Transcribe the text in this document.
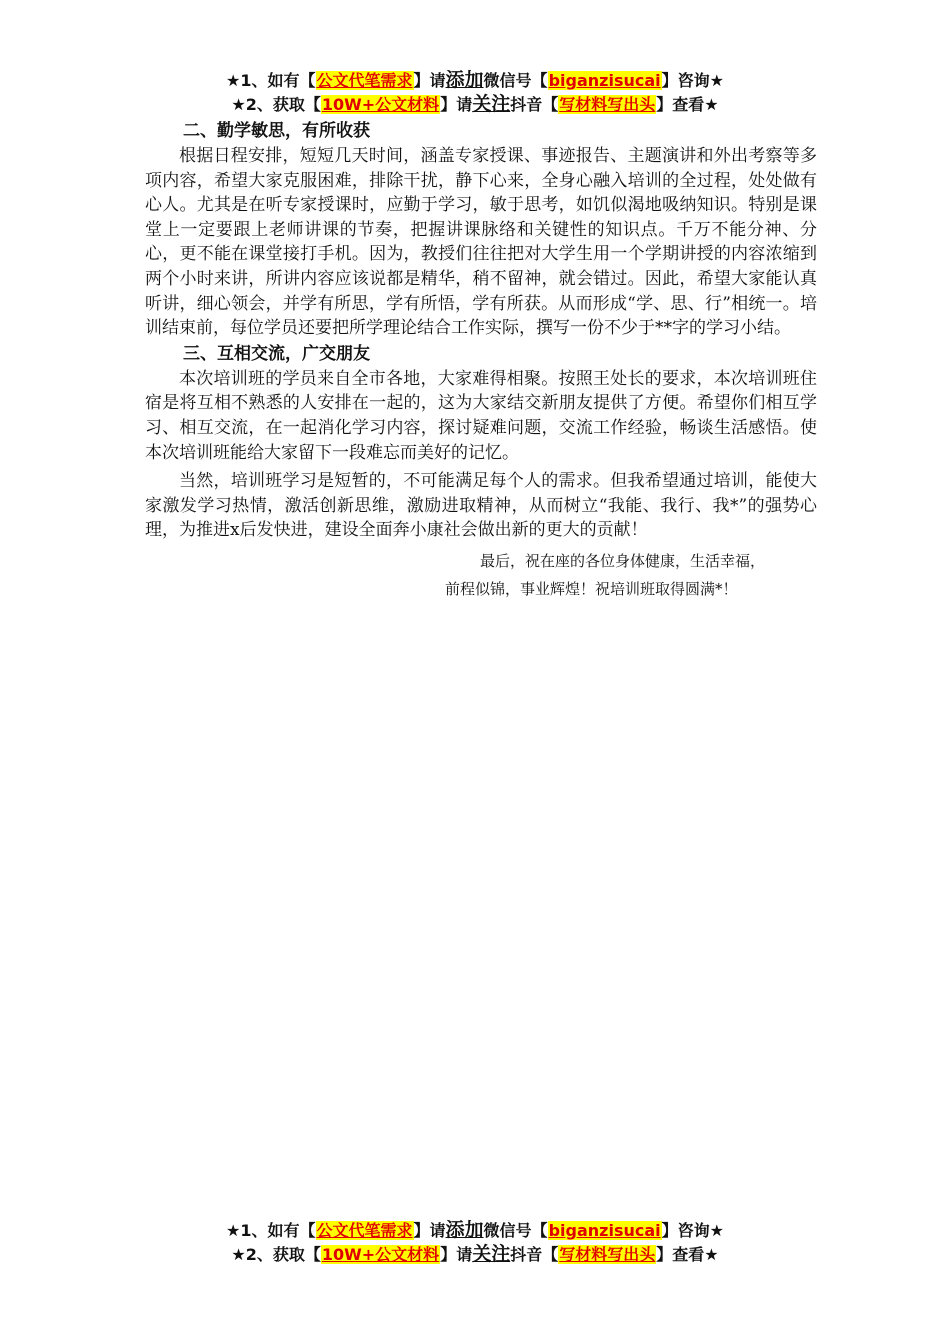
★1、如有【公文代笔需求】请添加微信号【biganzisucai】咨询★
★2、获取【10W+公文材料】请关注抖音【写材料写出头】查看★
二、勤学敏思，有所收获

根据日程安排，短短几天时间，涵盖专家授课、事迹报告、主题演讲和外出考察等多项内容，希望大家克服困难，排除干扰，静下心来，全身心融入培训的全过程，处处做有心人。尤其是在听专家授课时，应勤于学习，敏于思考，如饥似渴地吸纳知识。特别是课堂上一定要跟上老师讲课的节奏，把握讲课脉络和关键性的知识点。千万不能分神、分心，更不能在课堂接打手机。因为，教授们往往把对大学生用一个学期讲授的内容浓缩到两个小时来讲，所讲内容应该说都是精华，稍不留神，就会错过。因此，希望大家能认真听讲，细心领会，并学有所思，学有所悟，学有所获。从而形成“学、思、行”相统一。培训结束前，每位学员还要把所学理论结合工作实际，撰写一份不少于**字的学习小结。

三、互相交流，广交朋友

本次培训班的学员来自全市各地，大家难得相聚。按照王处长的要求，本次培训班住宿是将互相不熟悉的人安排在一起的，这为大家结交新朋友提供了方便。希望你们相互学习、相互交流，在一起消化学习内容，探讨疑难问题，交流工作经验，畅谈生活感悟。使本次培训班能给大家留下一段难忘而美好的记忆。

当然，培训班学习是短暂的，不可能满足每个人的需求。但我希望通过培训，能使大家激发学习热情，激活创新思维，激励进取精神，从而树立“我能、我行、我*”的强势心理，为推进x后发快进，建设全面奔小康社会做出新的更大的贡献！

最后，祝在座的各位身体健康，生活幸福，
前程似锦，事业辉煌！祝培训班取得圆满*！
★1、如有【公文代笔需求】请添加微信号【biganzisucai】咨询★
★2、获取【10W+公文材料】请关注抖音【写材料写出头】查看★
